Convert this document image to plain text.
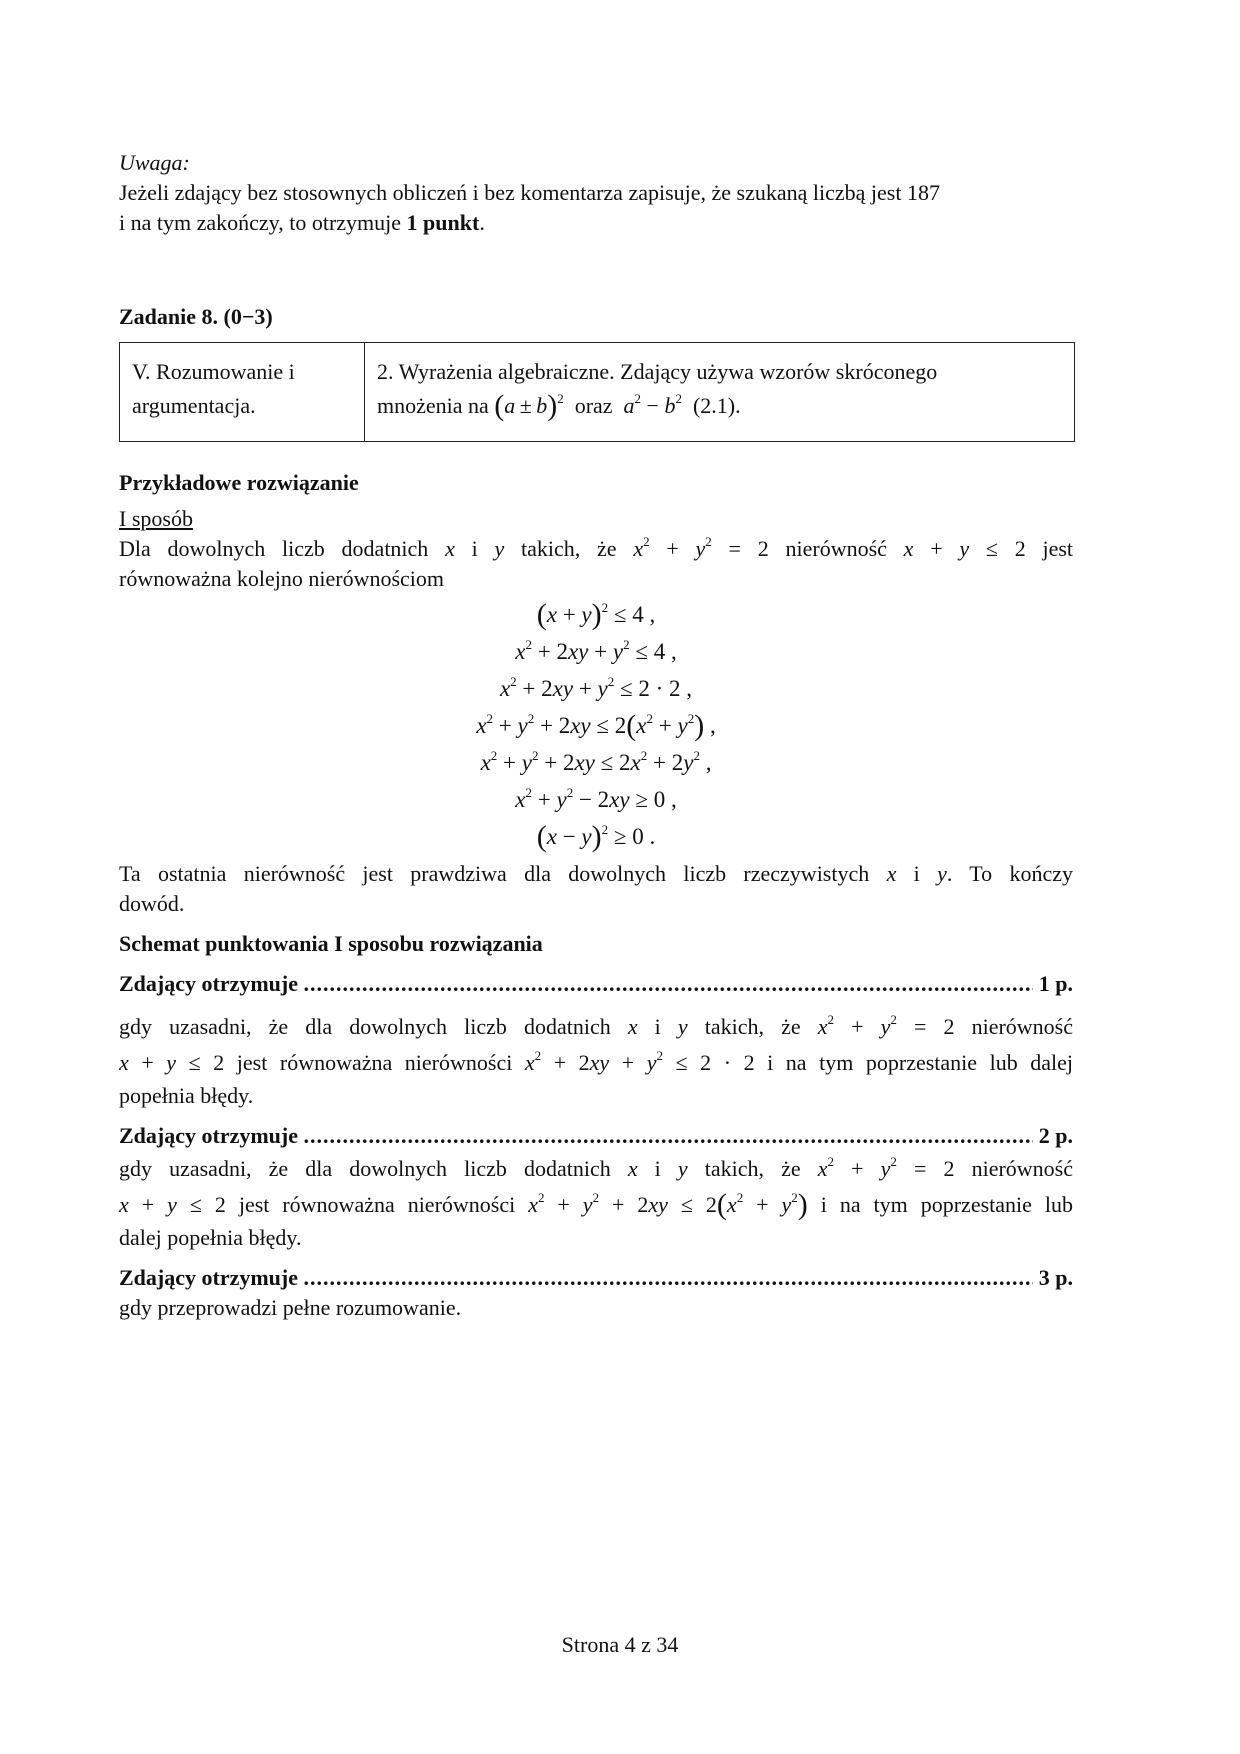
Uwaga:

Jeżeli zdający bez stosownych obliczeń i bez komentarza zapisuje, że szukaną liczbą jest 187

i na tym zakończy, to otrzymuje 1 punkt.

Zadanie 8. (0−3)

V. Rozumowanie i argumentacja.	
2. Wyrażenia algebraiczne. Zdający używa wzorów skróconego
mnożenia na $(a \pm b)^2$ oraz $a^2 - b^2$ (2.1).

Przykładowe rozwiązanie

I sposób

Dla dowolnych liczb dodatnich x i y takich, że $x^2 + y^2 = 2$ nierówność x + y ≤ 2 jest

równoważna kolejno nierównościom

$(x + y)^2 \le 4$ ,
$x^2 + 2xy + y^2 \le 4$ ,
$x^2 + 2xy + y^2 \le 2 \cdot 2$ ,
$x^2 + y^2 + 2xy \le 2(x^2 + y^2)$ ,
$x^2 + y^2 + 2xy \le 2x^2 + 2y^2$ ,
$x^2 + y^2 - 2xy \ge 0$ ,
$(x - y)^2 \ge 0$ .

Ta ostatnia nierówność jest prawdziwa dla dowolnych liczb rzeczywistych x i y. To kończy

dowód.

Schemat punktowania I sposobu rozwiązania

Zdający otrzymuje
.....
	1 p.

gdy uzasadni, że dla dowolnych liczb dodatnich x i y takich, że $x^2 + y^2 = 2$ nierówność

x + y ≤ 2 jest równoważna nierówności $x^2 + 2xy + y^2 \le 2 \cdot 2$ i na tym poprzestanie lub dalej

popełnia błędy.

Zdający otrzymuje
.....
	2 p.

gdy uzasadni, że dla dowolnych liczb dodatnich x i y takich, że $x^2 + y^2 = 2$ nierówność

x + y ≤ 2 jest równoważna nierówności $x^2 + y^2 + 2xy \le 2(x^2 + y^2)$ i na tym poprzestanie lub

dalej popełnia błędy.

Zdający otrzymuje
.....
	3 p.

gdy przeprowadzi pełne rozumowanie.

Strona 4 z 34
